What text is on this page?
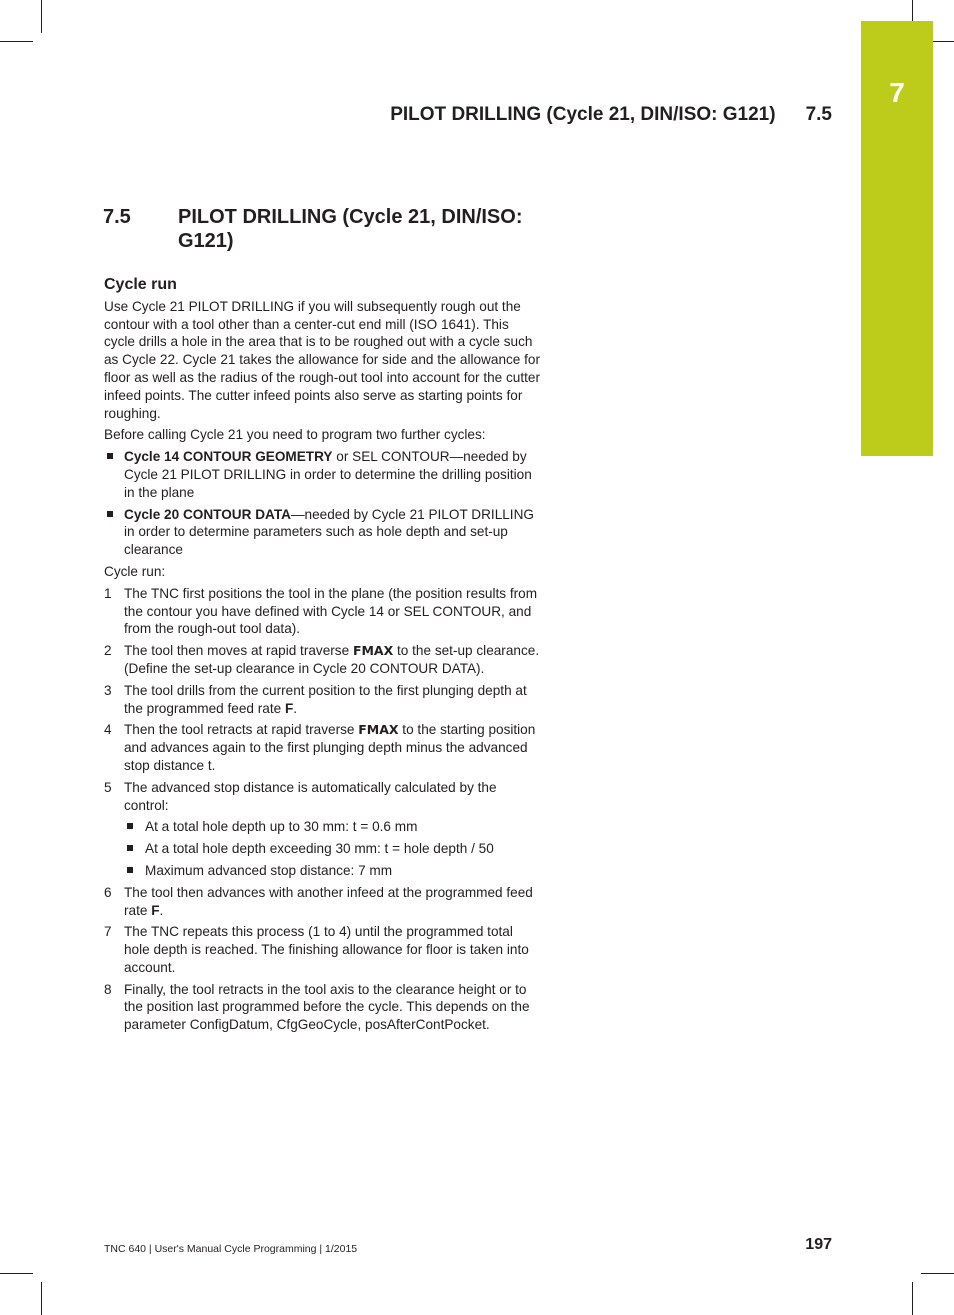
7
PILOT DRILLING (Cycle 21, DIN/ISO: G121) 7.5
7.5 PILOT DRILLING (Cycle 21, DIN/ISO: G121)
Cycle run

Use Cycle 21 PILOT DRILLING if you will subsequently rough out the contour with a tool other than a center-cut end mill (ISO 1641). This cycle drills a hole in the area that is to be roughed out with a cycle such as Cycle 22. Cycle 21 takes the allowance for side and the allowance for floor as well as the radius of the rough-out tool into account for the cutter infeed points. The cutter infeed points also serve as starting points for roughing.

Before calling Cycle 21 you need to program two further cycles:

Cycle 14 CONTOUR GEOMETRY or SEL CONTOUR—needed by Cycle 21 PILOT DRILLING in order to determine the drilling position in the plane
Cycle 20 CONTOUR DATA—needed by Cycle 21 PILOT DRILLING in order to determine parameters such as hole depth and set-up clearance

Cycle run:

1 The TNC first positions the tool in the plane (the position results from the contour you have defined with Cycle 14 or SEL CONTOUR, and from the rough-out tool data).
2 The tool then moves at rapid traverse FMAX to the set-up clearance. (Define the set-up clearance in Cycle 20 CONTOUR DATA).
3 The tool drills from the current position to the first plunging depth at the programmed feed rate F.
4 Then the tool retracts at rapid traverse FMAX to the starting position and advances again to the first plunging depth minus the advanced stop distance t.
5 The advanced stop distance is automatically calculated by the control:
At a total hole depth up to 30 mm: t = 0.6 mm
At a total hole depth exceeding 30 mm: t = hole depth / 50
Maximum advanced stop distance: 7 mm
6 The tool then advances with another infeed at the programmed feed rate F.
7 The TNC repeats this process (1 to 4) until the programmed total hole depth is reached. The finishing allowance for floor is taken into account.
8 Finally, the tool retracts in the tool axis to the clearance height or to the position last programmed before the cycle. This depends on the parameter ConfigDatum, CfgGeoCycle, posAfterContPocket.
TNC 640 | User's Manual Cycle Programming | 1/2015	197
